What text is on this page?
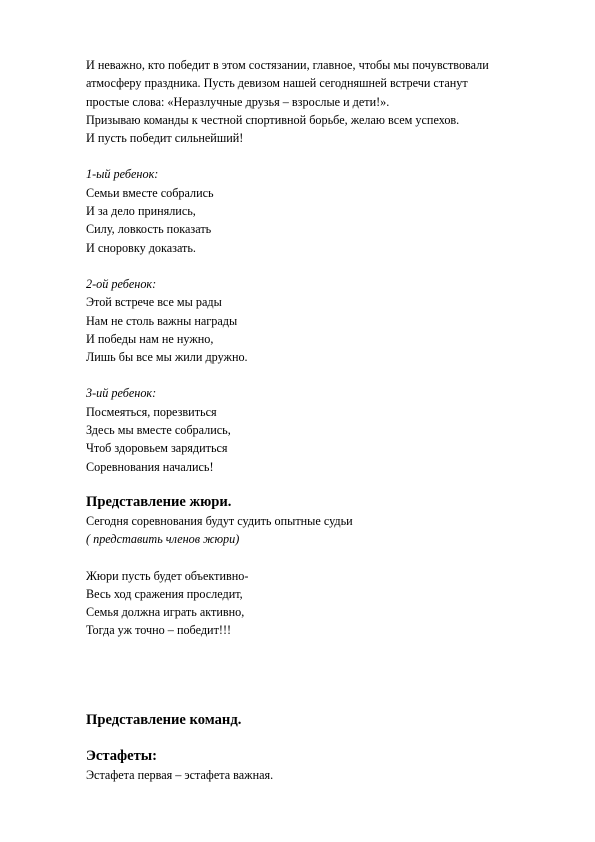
И неважно, кто победит в этом состязании, главное, чтобы мы почувствовали
атмосферу праздника. Пусть девизом нашей сегодняшней встречи станут
простые слова: «Неразлучные друзья – взрослые и дети!».
Призываю команды к честной спортивной борьбе, желаю всем успехов.
И пусть победит сильнейший!
1-ый ребенок:
Семьи вместе собрались
И за дело принялись,
Силу, ловкость показать
И сноровку доказать.
2-ой ребенок:
Этой встрече все мы рады
Нам не столь важны награды
И победы нам не нужно,
Лишь бы все мы жили дружно.
3-ий ребенок:
Посмеяться, порезвиться
Здесь мы вместе собрались,
Чтоб здоровьем зарядиться
Соревнования начались!
Представление жюри.
Сегодня соревнования будут судить опытные судьи
( представить членов жюри)
Жюри пусть будет объективно-
Весь ход сражения проследит,
Семья должна играть активно,
Тогда уж точно – победит!!!
Представление команд.
Эстафеты:
Эстафета первая – эстафета важная.
